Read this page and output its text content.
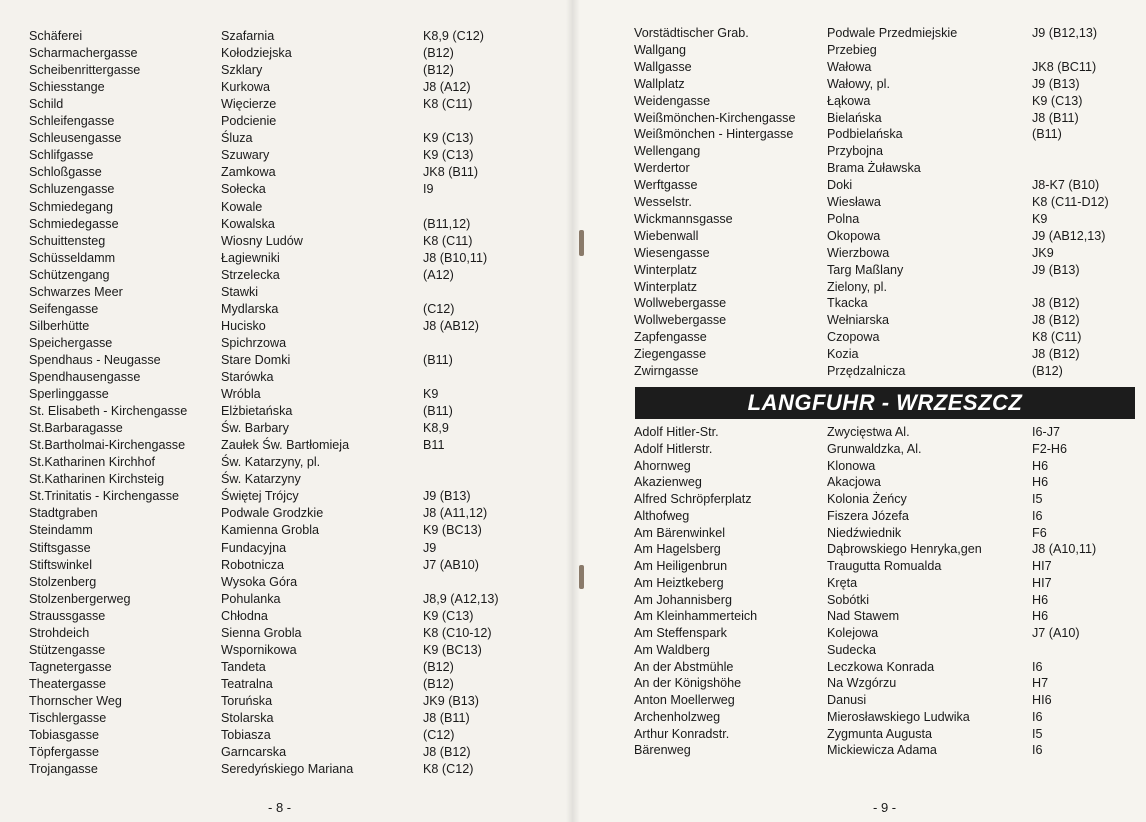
Schäferei	Szafarnia	K8,9 (C12)
Scharmachergasse	Kołodziejska	(B12)
Scheibenrittergasse	Szklary	(B12)
Schiesstange	Kurkowa	J8 (A12)
Schild	Więcierze	K8 (C11)
Schleifengasse	Podcienie
Schleusengasse	Śluza	K9 (C13)
Schlifgasse	Szuwary	K9 (C13)
Schloßgasse	Zamkowa	JK8 (B11)
Schluzengasse	Sołecka	I9
Schmiedegang	Kowale
Schmiedegasse	Kowalska	(B11,12)
Schuittensteg	Wiosny Ludów	K8 (C11)
Schüsseldamm	Łagiewniki	J8 (B10,11)
Schützengang	Strzelecka	(A12)
Schwarzes Meer	Stawki
Seifengasse	Mydlarska	(C12)
Silberhütte	Hucisko	J8 (AB12)
Speichergasse	Spichrzowa
Spendhaus - Neugasse	Stare Domki	(B11)
Spendhausengasse	Starówka
Sperlinggasse	Wróbla	K9
St. Elisabeth - Kirchengasse	Elżbietańska	(B11)
St.Barbaragasse	Św. Barbary	K8,9
St.Bartholmai-Kirchengasse	Zaułek Św. Bartłomieja	B11
St.Katharinen Kirchhof	Św. Katarzyny, pl.
St.Katharinen Kirchsteig	Św. Katarzyny
St.Trinitatis - Kirchengasse	Świętej Trójcy	J9 (B13)
Stadtgraben	Podwale Grodzkie	J8 (A11,12)
Steindamm	Kamienna Grobla	K9 (BC13)
Stiftsgasse	Fundacyjna	J9
Stiftswinkel	Robotnicza	J7 (AB10)
Stolzenberg	Wysoka Góra
Stolzenbergerweg	Pohulanka	J8,9 (A12,13)
Straussgasse	Chłodna	K9 (C13)
Strohdeich	Sienna Grobla	K8 (C10-12)
Stützengasse	Wspornikowa	K9 (BC13)
Tagnetergasse	Tandeta	(B12)
Theatergasse	Teatralna	(B12)
Thornscher Weg	Toruńska	JK9 (B13)
Tischlergasse	Stolarska	J8 (B11)
Tobiasgasse	Tobiasza	(C12)
Töpfergasse	Garncarska	J8 (B12)
Trojangasse	Seredyńskiego Mariana	K8 (C12)
- 8 -
Vorstädtischer Grab.	Podwale Przedmiejskie	J9 (B12,13)
Wallgang	Przebieg
Wallgasse	Wałowa	JK8 (BC11)
Wallplatz	Wałowy, pl.	J9 (B13)
Weidengasse	Łąkowa	K9 (C13)
Weißmönchen-Kirchengasse	Bielańska	J8 (B11)
Weißmönchen - Hintergasse	Podbielańska	(B11)
Wellengang	Przybojna
Werdertor	Brama Żuławska
Werftgasse	Doki	J8-K7 (B10)
Wesselstr.	Wiesława	K8 (C11-D12)
Wickmannsgasse	Polna	K9
Wiebenwall	Okopowa	J9 (AB12,13)
Wiesengasse	Wierzbowa	JK9
Winterplatz	Targ Maßlany	J9 (B13)
Winterplatz	Zielony, pl.
Wollwebergasse	Tkacka	J8 (B12)
Wollwebergasse	Wełniarska	J8 (B12)
Zapfengasse	Czopowa	K8 (C11)
Ziegengasse	Kozia	J8 (B12)
Zwirngasse	Przędzalnicza	(B12)
LANGFUHR - WRZESZCZ
Adolf Hitler-Str.	Zwycięstwa Al.	I6-J7
Adolf Hitlerstr.	Grunwaldzka, Al.	F2-H6
Ahornweg	Klonowa	H6
Akazienweg	Akacjowa	H6
Alfred Schröpferplatz	Kolonia Żeńcy	I5
Althofweg	Fiszera Józefa	I6
Am Bärenwinkel	Niedźwiednik	F6
Am Hagelsberg	Dąbrowskiego Henryka,gen	J8 (A10,11)
Am Heiligenbrun	Traugutta Romualda	HI7
Am Heiztkeberg	Kręta	HI7
Am Johannisberg	Sobótki	H6
Am Kleinhammerteich	Nad Stawem	H6
Am Steffenspark	Kolejowa	J7 (A10)
Am Waldberg	Sudecka
An der Abstmühle	Leczkowa Konrada	I6
An der Königshöhe	Na Wzgórzu	H7
Anton Moellerweg	Danusi	HI6
Archenholzweg	Mierosławskiego Ludwika	I6
Arthur Konradstr.	Zygmunta Augusta	I5
Bärenweg	Mickiewicza Adama	I6
- 9 -
